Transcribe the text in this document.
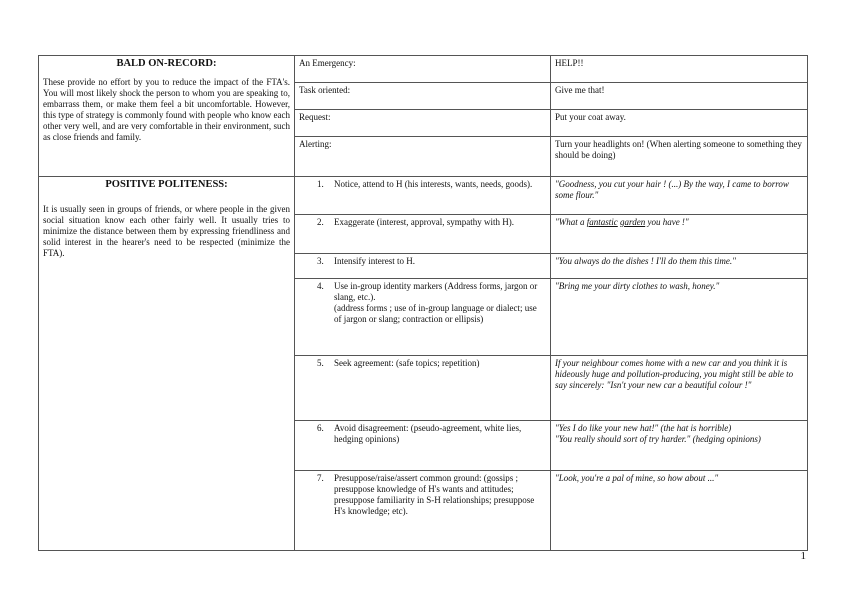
BALD ON-RECORD:
These provide no effort by you to reduce the impact of the FTA's. You will most likely shock the person to whom you are speaking to, embarrass them, or make them feel a bit uncomfortable. However, this type of strategy is commonly found with people who know each other very well, and are very comfortable in their environment, such as close friends and family.	An Emergency:	HELP!!
	Task oriented:	Give me that!
	Request:	Put your coat away.
	Alerting:	Turn your headlights on! (When alerting someone to something they should be doing)

POSITIVE POLITENESS:
It is usually seen in groups of friends, or where people in the given social situation know each other fairly well. It usually tries to minimize the distance between them by expressing friendliness and solid interest in the hearer's need to be respected (minimize the FTA).	1. Notice, attend to H (his interests, wants, needs, goods).	"Goodness, you cut your hair ! (...) By the way, I came to borrow some flour."

	2. Exaggerate (interest, approval, sympathy with H).	"What a fantastic garden you have !"

	3. Intensify interest to H.	"You always do the dishes ! I'll do them this time."

	4. Use in-group identity markers (Address forms, jargon or slang, etc.).
(address forms ; use of in-group language or dialect; use of jargon or slang; contraction or ellipsis)	"Bring me your dirty clothes to wash, honey."

	5. Seek agreement: (safe topics; repetition)	If your neighbour comes home with a new car and you think it is hideously huge and pollution-producing, you might still be able to say sincerely: "Isn't your new car a beautiful colour !"

	6. Avoid disagreement: (pseudo-agreement, white lies, hedging opinions)	"Yes I do like your new hat!" (the hat is horrible)
"You really should sort of try harder." (hedging opinions)

	7. Presuppose/raise/assert common ground: (gossips ; presuppose knowledge of H's wants and attitudes; presuppose familiarity in S-H relationships; presuppose H's knowledge; etc).	"Look, you're a pal of mine, so how about ..."
1
